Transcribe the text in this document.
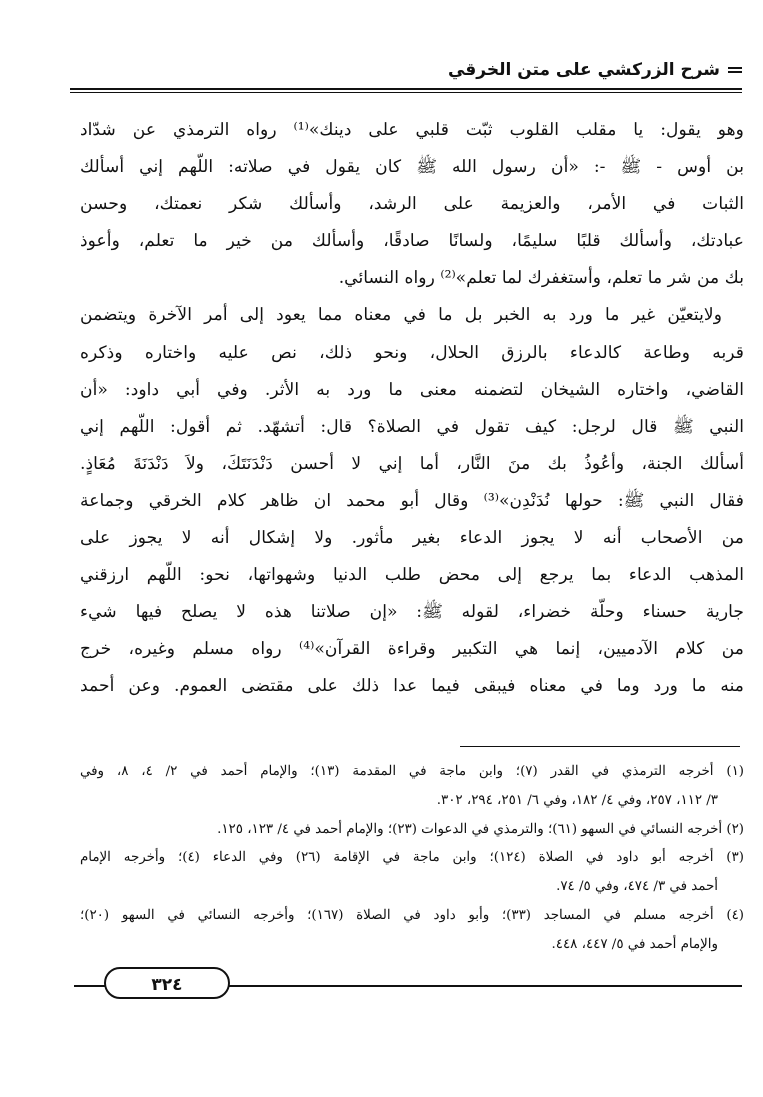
شرح الزركشي على متن الخرقي

وهو يقول: يا مقلب القلوب ثبّت قلبي على دينك»⁽¹⁾ رواه الترمذي عن شدّاد
بن أوس - ﷺ -: «أن رسول الله ﷺ كان يقول في صلاته: اللّهم إني أسألك
الثبات في الأمر، والعزيمة على الرشد، وأسألك شكر نعمتك، وحسن
عبادتك، وأسألك قلبًا سليمًا، ولسانًا صادقًا، وأسألك من خير ما تعلم، وأعوذ
بك من شر ما تعلم، وأستغفرك لما تعلم»⁽²⁾ رواه النسائي.

ولايتعيّن غير ما ورد به الخبر بل ما في معناه مما يعود إلى أمر الآخرة ويتضمن
قربه وطاعة كالدعاء بالرزق الحلال، ونحو ذلك، نص عليه واختاره وذكره
القاضي، واختاره الشيخان لتضمنه معنى ما ورد به الأثر. وفي أبي داود: «أن
النبي ﷺ قال لرجل: كيف تقول في الصلاة؟ قال: أتشهّد. ثم أقول: اللّهم إني
أسألك الجنة، وأعُوذُ بك منَ النَّار، أما إني لا أحسن دَنْدَنَتَكَ، ولاَ دَنْدَنَةَ مُعَاذٍ.
فقال النبي ﷺ: حولها نُدَنْدِن»⁽³⁾ وقال أبو محمد ان ظاهر كلام الخرقي وجماعة
من الأصحاب أنه لا يجوز الدعاء بغير مأثور. ولا إشكال أنه لا يجوز على
المذهب الدعاء بما يرجع إلى محض طلب الدنيا وشهواتها، نحو: اللّهم ارزقني
جارية حسناء وحلّة خضراء، لقوله ﷺ: «إن صلاتنا هذه لا يصلح فيها شيء
من كلام الآدميين، إنما هي التكبير وقراءة القرآن»⁽⁴⁾ رواه مسلم وغيره، خرج
منه ما ورد وما في معناه فيبقى فيما عدا ذلك على مقتضى العموم. وعن أحمد

(١) أخرجه الترمذي في القدر (٧)؛ وابن ماجة في المقدمة (١٣)؛ والإمام أحمد في ٢/ ٤، ٨، وفي
٣/ ١١٢، ٢٥٧، وفي ٤/ ١٨٢، وفي ٦/ ٢٥١، ٢٩٤، ٣٠٢.
(٢) أخرجه النسائي في السهو (٦١)؛ والترمذي في الدعوات (٢٣)؛ والإمام أحمد في ٤/ ١٢٣، ١٢٥.
(٣) أخرجه أبو داود في الصلاة (١٢٤)؛ وابن ماجة في الإقامة (٢٦) وفي الدعاء (٤)؛ وأخرجه الإمام
أحمد في ٣/ ٤٧٤، وفي ٥/ ٧٤.
(٤) أخرجه مسلم في المساجد (٣٣)؛ وأبو داود في الصلاة (١٦٧)؛ وأخرجه النسائي في السهو (٢٠)؛
والإمام أحمد في ٥/ ٤٤٧، ٤٤٨.
٣٢٤
